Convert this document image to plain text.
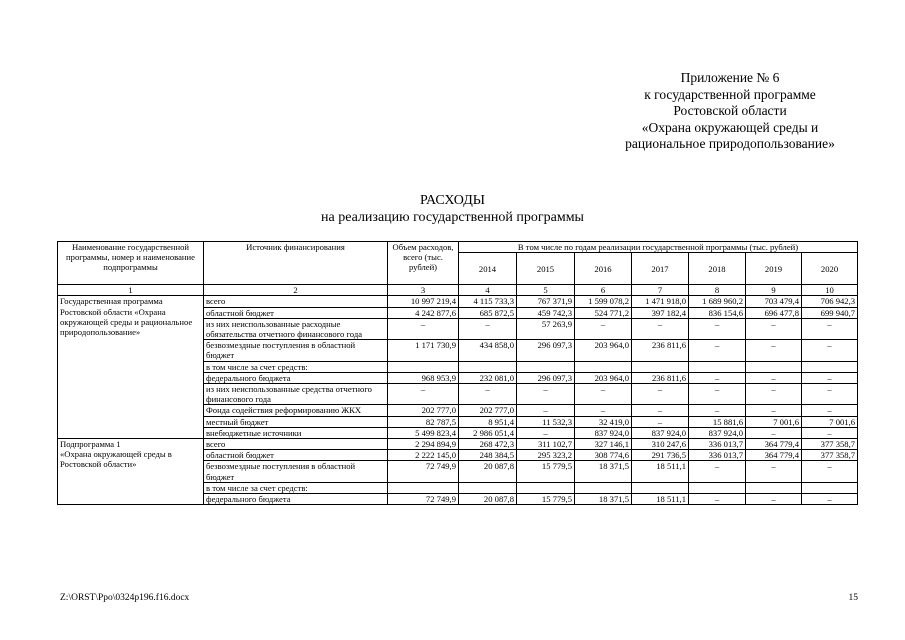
Приложение № 6
к государственной программе
Ростовской области
«Охрана окружающей среды и
рациональное природопользование»
РАСХОДЫ
на реализацию государственной программы
Наименование государственной программы, номер и наименование подпрограммы	Источник финансирования	Объем расходов, всего (тыс. рублей)	В том числе по годам реализации государственной программы (тыс. рублей)						
			2014	2015	2016	2017	2018	2019	2020
1	2	3	4	5	6	7	8	9	10
Государственная программа Ростовской области «Охрана окружающей среды и рациональное природопользование»	всего	10 997 219,4	4 115 733,3	767 371,9	1 599 078,2	1 471 918,0	1 689 960,2	703 479,4	706 942,3
	областной бюджет	4 242 877,6	685 872,5	459 742,3	524 771,2	397 182,4	836 154,6	696 477,8	699 940,7
	из них неиспользованные расходные обязательства отчетного финансового года	–	–	57 263,9	–	–	–	–	–
	безвозмездные поступления в областной бюджет	1 171 730,9	434 858,0	296 097,3	203 964,0	236 811,6	–	–	–
	в том числе за счет средств:								
	федерального бюджета	968 953,9	232 081,0	296 097,3	203 964,0	236 811,6	–	–	–
	из них неиспользованные средства отчетного финансового года	–	–	–	–	–	–	–	–
	Фонда содействия реформированию ЖКХ	202 777,0	202 777,0	–	–	–	–	–	–
	местный бюджет	82 787,5	8 951,4	11 532,3	32 419,0	–	15 881,6	7 001,6	7 001,6
	внебюджетные источники	5 499 823,4	2 986 051,4	–	837 924,0	837 924,0	837 924,0	–	–

Подпрограмма 1
«Охрана окружающей среды в Ростовской области»	всего	2 294 894,9	268 472,3	311 102,7	327 146,1	310 247,6	336 013,7	364 779,4	377 358,7
	областной бюджет	2 222 145,0	248 384,5	295 323,2	308 774,6	291 736,5	336 013,7	364 779,4	377 358,7
	безвозмездные поступления в областной бюджет	72 749,9	20 087,8	15 779,5	18 371,5	18 511,1	–	–	–
	в том числе за счет средств:								
	федерального бюджета	72 749,9	20 087,8	15 779,5	18 371,5	18 511,1	–	–	–
Z:\ORST\Ppo\0324p196.f16.docx	15
